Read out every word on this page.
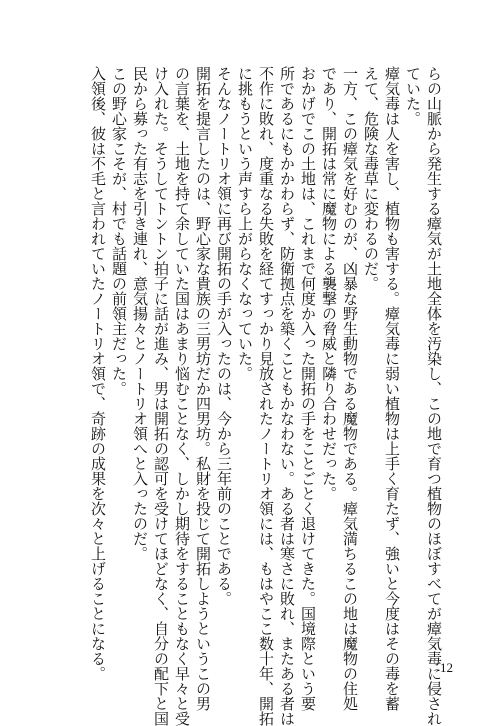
らの山脈から発生する瘴気が土地全体を汚染し、この地で育つ植物のほぼすべてが瘴気毒に侵され

ていた。

瘴気毒は人を害し、植物も害する。瘴気毒に弱い植物は上手く育たず、強いと今度はその毒を蓄

えて、危険な毒草に変わるのだ。

一方、この瘴気を好むのが、凶暴な野生動物である魔物である。瘴気満ちるこの地は魔物の住処

であり、開拓は常に魔物による襲撃の脅威と隣り合わせだった。

おかげでこの土地は、これまで何度か入った開拓の手をことごとく退けてきた。国境際という要

所であるにもかかわらず、防衛拠点を築くこともかなわない。ある者は寒さに敗れ、またある者は

不作に敗れ、度重なる失敗を経てすっかり見放されたノートリオ領には、もはやここ数十年、開拓

に挑もうという声すら上がらなくなっていた。

そんなノートリオ領に再び開拓の手が入ったのは、今から三年前のことである。

開拓を提言したのは、野心家な貴族の三男坊だか四男坊。私財を投じて開拓しようというこの男

の言葉を、土地を持て余していた国はあまり悩むことなく、しかし期待をすることもなく早々と受

け入れた。そうしてトントン拍子に話が進み、男は開拓の認可を受けてほどなく、自分の配下と国

民から募った有志を引き連れ、意気揚々とノートリオ領へと入ったのだ。

この野心家こそが、村でも話題の前領主だった。

入領後、彼は不毛と言われていたノートリオ領で、奇跡の成果を次々と上げることになる。	12
